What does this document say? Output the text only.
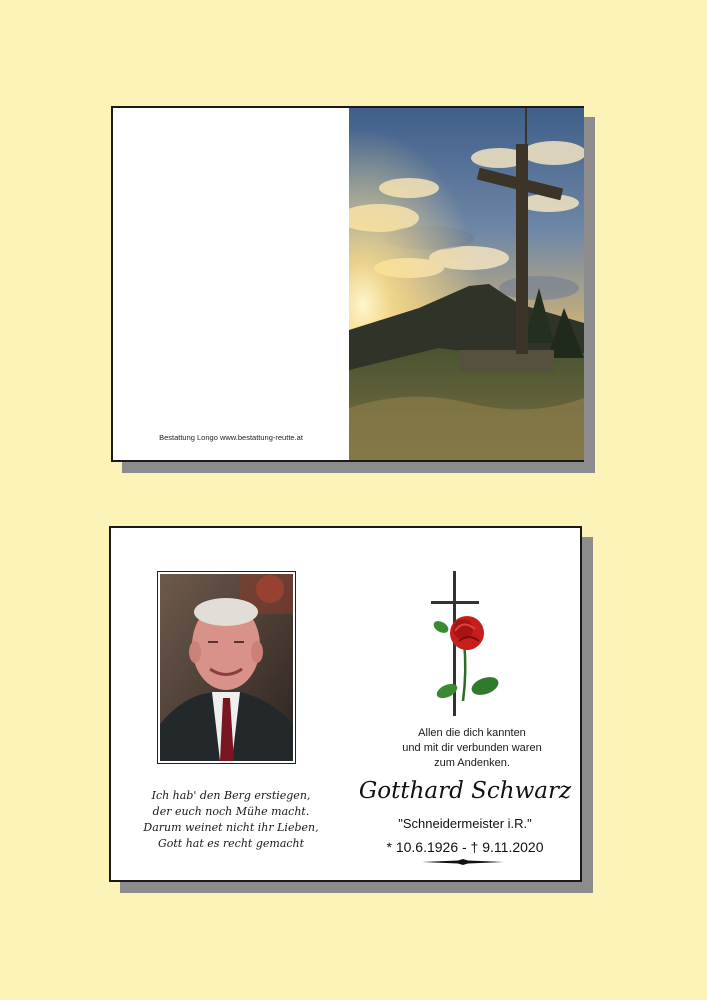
Bestattung Longo www.bestattung-reutte.at
Ich hab' den Berg erstiegen,
der euch noch Mühe macht.
Darum weinet nicht ihr Lieben,
Gott hat es recht gemacht
Allen die dich kannten
und mit dir verbunden waren
zum Andenken.
Gotthard Schwarz
"Schneidermeister i.R."
* 10.6.1926 - † 9.11.2020
